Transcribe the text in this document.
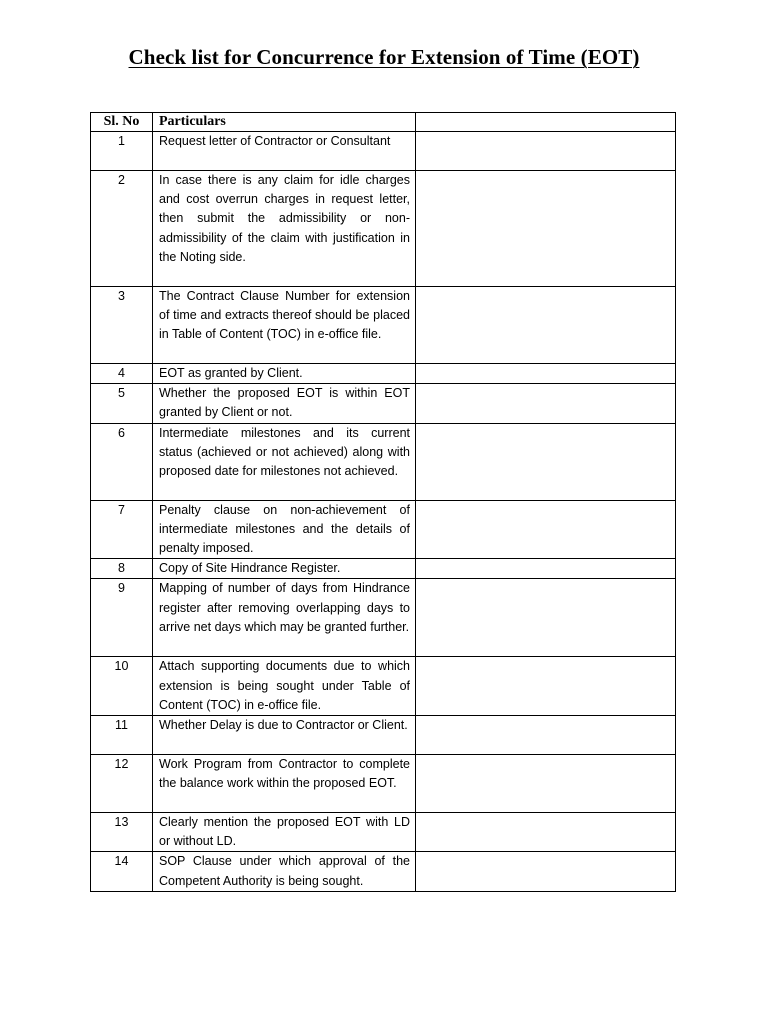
Check list for Concurrence for Extension of Time (EOT)
Sl. No	Particulars	
1	Request letter of Contractor or Consultant	
2	In case there is any claim for idle charges and cost overrun charges in request letter, then submit the admissibility or non-admissibility of the claim with justification in the Noting side.	
3	The Contract Clause Number for extension of time and extracts thereof should be placed in Table of Content (TOC) in e-office file.	
4	EOT as granted by Client.	
5	Whether the proposed EOT is within EOT granted by Client or not.	
6	Intermediate milestones and its current status (achieved or not achieved) along with proposed date for milestones not achieved.	
7	Penalty clause on non-achievement of intermediate milestones and the details of penalty imposed.	
8	Copy of Site Hindrance Register.	
9	Mapping of number of days from Hindrance register after removing overlapping days to arrive net days which may be granted further.	
10	Attach supporting documents due to which extension is being sought under Table of Content (TOC) in e-office file.	
11	Whether Delay is due to Contractor or Client.	
12	Work Program from Contractor to complete the balance work within the proposed EOT.	
13	Clearly mention the proposed EOT with LD or without LD.	
14	SOP Clause under which approval of the Competent Authority is being sought.	
